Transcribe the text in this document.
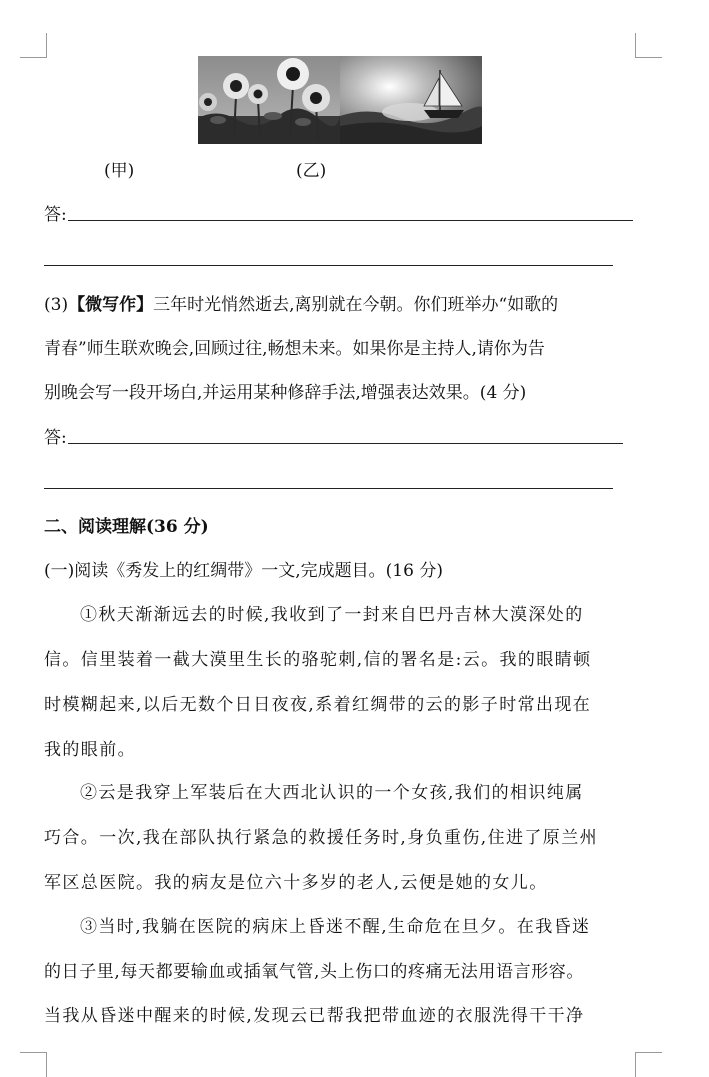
(甲)	(乙)
答:
(3)【微写作】三年时光悄然逝去,离别就在今朝。你们班举办“如歌的
青春”师生联欢晚会,回顾过往,畅想未来。如果你是主持人,请你为告
别晚会写一段开场白,并运用某种修辞手法,增强表达效果。(4 分)
答:
二、阅读理解(36 分)
(一)阅读《秀发上的红绸带》一文,完成题目。(16 分)
①秋天渐渐远去的时候,我收到了一封来自巴丹吉林大漠深处的
信。信里装着一截大漠里生长的骆驼刺,信的署名是:云。我的眼睛顿
时模糊起来,以后无数个日日夜夜,系着红绸带的云的影子时常出现在
我的眼前。
②云是我穿上军装后在大西北认识的一个女孩,我们的相识纯属
巧合。一次,我在部队执行紧急的救援任务时,身负重伤,住进了原兰州
军区总医院。我的病友是位六十多岁的老人,云便是她的女儿。
③当时,我躺在医院的病床上昏迷不醒,生命危在旦夕。在我昏迷
的日子里,每天都要输血或插氧气管,头上伤口的疼痛无法用语言形容。
当我从昏迷中醒来的时候,发现云已帮我把带血迹的衣服洗得干干净
